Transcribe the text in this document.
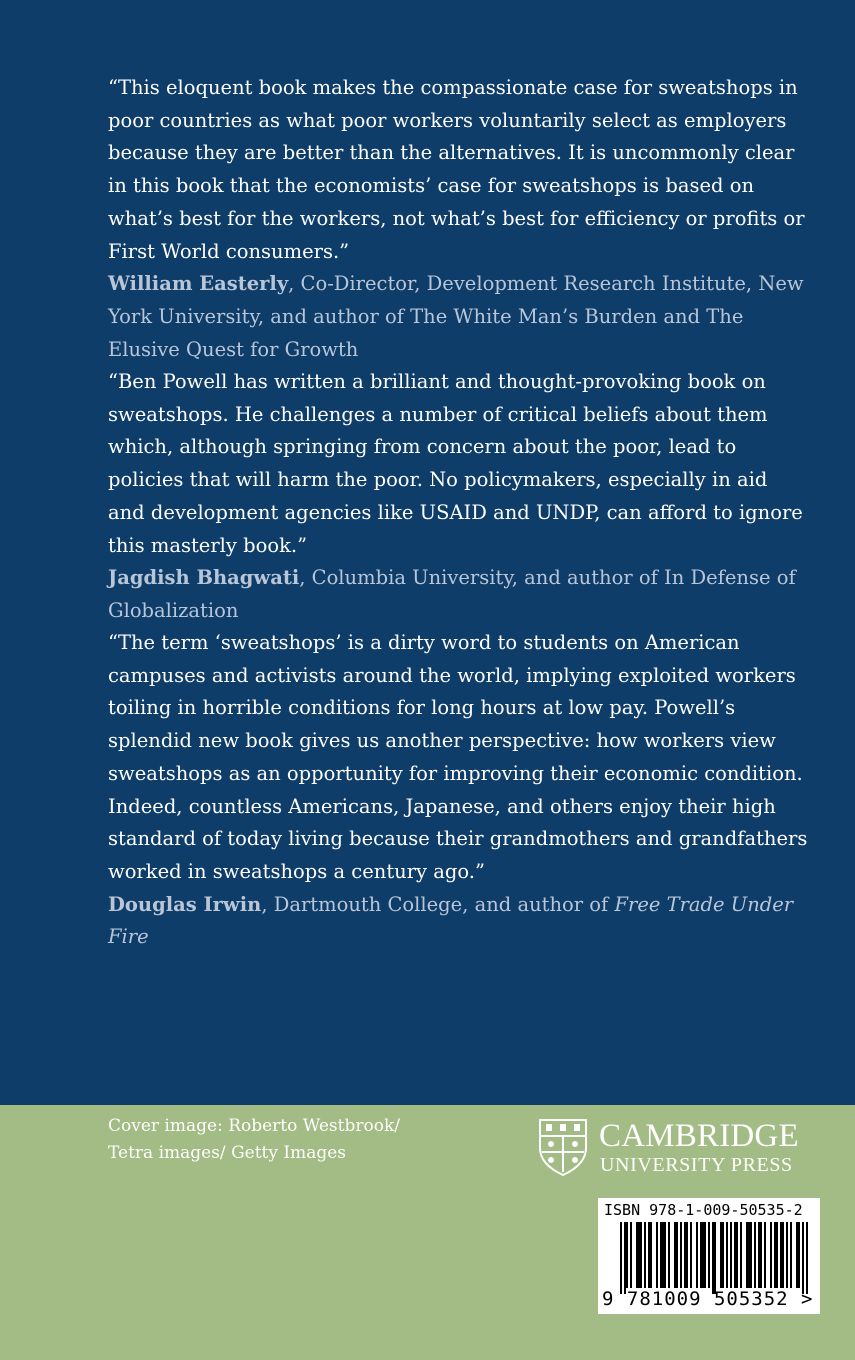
“This eloquent book makes the compassionate case for sweatshops in poor countries as what poor workers voluntarily select as employers because they are better than the alternatives. It is uncommonly clear in this book that the economists’ case for sweatshops is based on what’s best for the workers, not what’s best for efficiency or profits or First World consumers.”

William Easterly, Co-Director, Development Research Institute, New York University, and author of The White Man’s Burden and The Elusive Quest for Growth

“Ben Powell has written a brilliant and thought-provoking book on sweatshops. He challenges a number of critical beliefs about them which, although springing from concern about the poor, lead to policies that will harm the poor. No policymakers, especially in aid and development agencies like USAID and UNDP, can afford to ignore this masterly book.”

Jagdish Bhagwati, Columbia University, and author of In Defense of Globalization

“The term ‘sweatshops’ is a dirty word to students on American campuses and activists around the world, implying exploited workers toiling in horrible conditions for long hours at low pay. Powell’s splendid new book gives us another perspective: how workers view sweatshops as an opportunity for improving their economic condition. Indeed, countless Americans, Japanese, and others enjoy their high standard of today living because their grandmothers and grandfathers worked in sweatshops a century ago.”

Douglas Irwin, Dartmouth College, and author of Free Trade Under Fire

Cover image: Roberto Westbrook/

Tetra images/ Getty Images	CAMBRIDGE
UNIVERSITY PRESS
ISBN 978-1-009-50535-2
9 781009 505352 >
